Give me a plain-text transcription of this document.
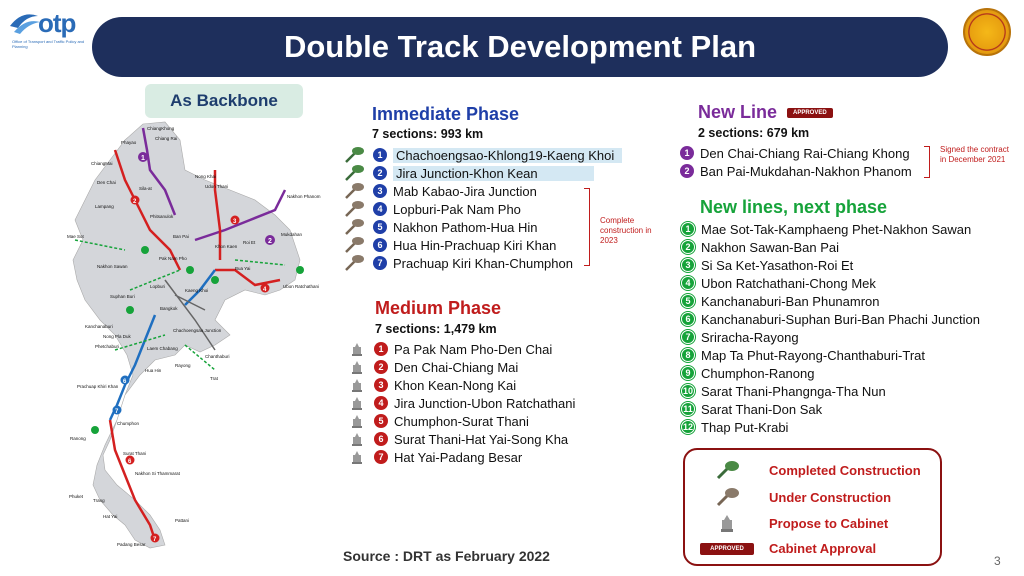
otp
Office of Transport and Traffic Policy and Planning	Double Track Development Plan
As Backbone
1
2
2
3
4
6
7
6
7
ChiangKhong
ChiangMai
Mae Sot
Nakhon Sawan
Suphan Buri
Kanchanaburi
Phetchaburi
Prachuap Khiri Khan
Chumphon
Ranong
Surat Thani
Nakhon Si Thammarat
Phuket
Trang
Hat Yai
Padang Besar
Pattani
Lopburi
Khon Kaen
Udon Thani
Nakhon Phanom
Mukdahan
Ubon Ratchathani
Bangkok
Chachoengsao Junction
Rayong
Chanthaburi
Trat
Hua Hin
Laem Chabang
Nong Khai
Den Chai
Phitsanulok
Phayao
Chiang Rai
Lampang
Sila-at
Ban Pai
Bua Yai
Roi Et
Kaeng Khoi
Nong Pla Duk
Pak Nam Pho
Source : DRT as February 2022
Immediate Phase
7 sections: 993 km
1	Chachoengsao-Khlong19-Kaeng Khoi
2	Jira Junction-Khon Kean
3 Mab Kabao-Jira Junction
4 Lopburi-Pak Nam Pho
5 Nakhon Pathom-Hua Hin
6 Hua Hin-Prachuap Kiri Khan
7 Prachuap Kiri Khan-Chumphon
Complete construction in 2023
Medium Phase
7 sections: 1,479 km
1 Pa Pak Nam Pho-Den Chai
2 Den Chai-Chiang Mai
3 Khon Kean-Nong Kai
4 Jira Junction-Ubon Ratchathani
5 Chumphon-Surat Thani
6 Surat Thani-Hat Yai-Song Kha
7 Hat Yai-Padang Besar
New Line	APPROVED
2 sections: 679 km
1 Den Chai-Chiang Rai-Chiang Khong
2 Ban Pai-Mukdahan-Nakhon Phanom
Signed the contract in December 2021
New lines, next phase
1 Mae Sot-Tak-Kamphaeng Phet-Nakhon Sawan
2 Nakhon Sawan-Ban Pai
3 Si Sa Ket-Yasathon-Roi Et
4 Ubon Ratchathani-Chong Mek
5 Kanchanaburi-Ban Phunamron
6 Kanchanaburi-Suphan Buri-Ban Phachi Junction
7 Sriracha-Rayong
8 Map Ta Phut-Rayong-Chanthaburi-Trat
9 Chumphon-Ranong
10 Sarat Thani-Phangnga-Tha Nun
11 Sarat Thani-Don Sak
12 Thap Put-Krabi
Completed Construction
Under Construction
Propose to Cabinet
APPROVED	Cabinet Approval
3
